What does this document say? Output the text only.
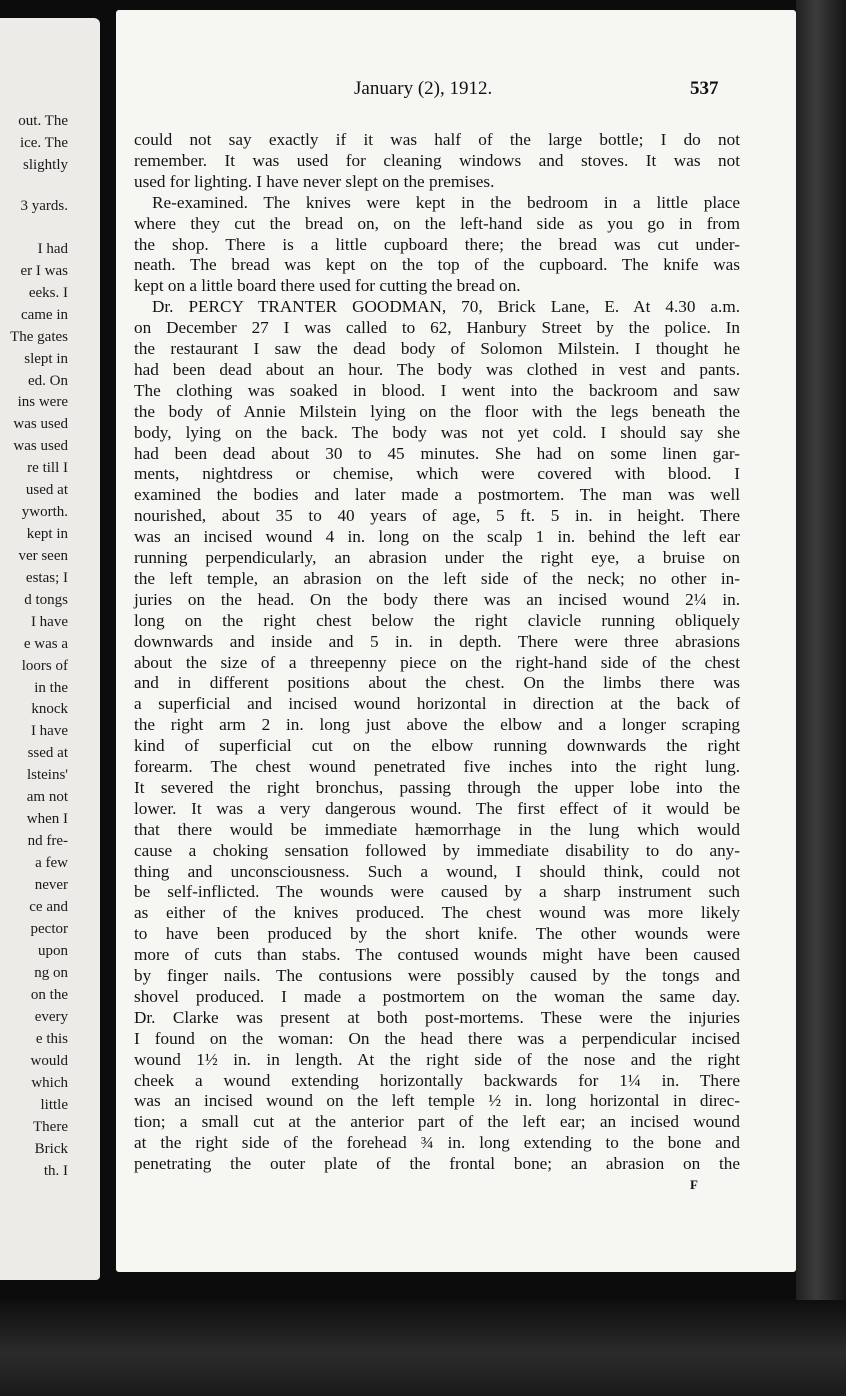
out. The
ice. The
slightly
3 yards.
I had
er I was
eeks. I
came in
The gates
slept in
ed. On
ins were
was used
was used
re till I
used at
yworth.
kept in
ver seen
estas; I
d tongs
I have
e was a
loors of
in the
knock
I have
ssed at
lsteins'
am not
when I
nd fre-
a few
never
ce and
pector
upon
ng on
on the
every
e this
would
which
little
There
Brick
th. I
January (2), 1912.	537
could not say exactly if it was half of the large bottle; I do not
remember. It was used for cleaning windows and stoves. It was not
used for lighting. I have never slept on the premises.
Re-examined. The knives were kept in the bedroom in a little place
where they cut the bread on, on the left-hand side as you go in from
the shop. There is a little cupboard there; the bread was cut under-
neath. The bread was kept on the top of the cupboard. The knife was
kept on a little board there used for cutting the bread on.
Dr. PERCY TRANTER GOODMAN, 70, Brick Lane, E. At 4.30 a.m.
on December 27 I was called to 62, Hanbury Street by the police. In
the restaurant I saw the dead body of Solomon Milstein. I thought he
had been dead about an hour. The body was clothed in vest and pants.
The clothing was soaked in blood. I went into the backroom and saw
the body of Annie Milstein lying on the floor with the legs beneath the
body, lying on the back. The body was not yet cold. I should say she
had been dead about 30 to 45 minutes. She had on some linen gar-
ments, nightdress or chemise, which were covered with blood. I
examined the bodies and later made a postmortem. The man was well
nourished, about 35 to 40 years of age, 5 ft. 5 in. in height. There
was an incised wound 4 in. long on the scalp 1 in. behind the left ear
running perpendicularly, an abrasion under the right eye, a bruise on
the left temple, an abrasion on the left side of the neck; no other in-
juries on the head. On the body there was an incised wound 2¼ in.
long on the right chest below the right clavicle running obliquely
downwards and inside and 5 in. in depth. There were three abrasions
about the size of a threepenny piece on the right-hand side of the chest
and in different positions about the chest. On the limbs there was
a superficial and incised wound horizontal in direction at the back of
the right arm 2 in. long just above the elbow and a longer scraping
kind of superficial cut on the elbow running downwards the right
forearm. The chest wound penetrated five inches into the right lung.
It severed the right bronchus, passing through the upper lobe into the
lower. It was a very dangerous wound. The first effect of it would be
that there would be immediate hæmorrhage in the lung which would
cause a choking sensation followed by immediate disability to do any-
thing and unconsciousness. Such a wound, I should think, could not
be self-inflicted. The wounds were caused by a sharp instrument such
as either of the knives produced. The chest wound was more likely
to have been produced by the short knife. The other wounds were
more of cuts than stabs. The contused wounds might have been caused
by finger nails. The contusions were possibly caused by the tongs and
shovel produced. I made a postmortem on the woman the same day.
Dr. Clarke was present at both post-mortems. These were the injuries
I found on the woman: On the head there was a perpendicular incised
wound 1½ in. in length. At the right side of the nose and the right
cheek a wound extending horizontally backwards for 1¼ in. There
was an incised wound on the left temple ½ in. long horizontal in direc-
tion; a small cut at the anterior part of the left ear; an incised wound
at the right side of the forehead ¾ in. long extending to the bone and
penetrating the outer plate of the frontal bone; an abrasion on the
F
